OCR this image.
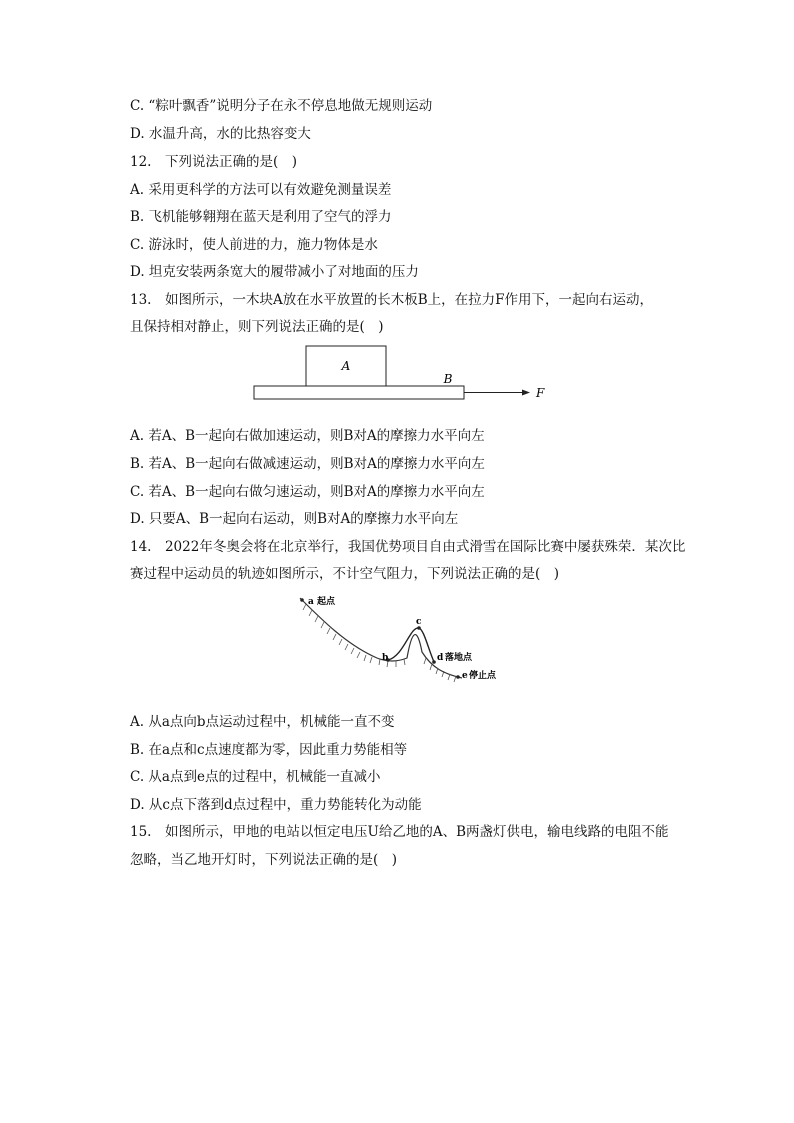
C. “粽叶飘香”说明分子在永不停息地做无规则运动
D. 水温升高，水的比热容变大
12.　下列说法正确的是(　)
A. 采用更科学的方法可以有效避免测量误差
B. 飞机能够翱翔在蓝天是利用了空气的浮力
C. 游泳时，使人前进的力，施力物体是水
D. 坦克安装两条宽大的履带减小了对地面的压力
13.　如图所示，一木块A放在水平放置的长木板B上，在拉力F作用下，一起向右运动，
且保持相对静止，则下列说法正确的是(　)
A
B
F
A. 若A、B一起向右做加速运动，则B对A的摩擦力水平向左
B. 若A、B一起向右做减速运动，则B对A的摩擦力水平向左
C. 若A、B一起向右做匀速运动，则B对A的摩擦力水平向左
D. 只要A、B一起向右运动，则B对A的摩擦力水平向左
14.　2022年冬奥会将在北京举行，我国优势项目自由式滑雪在国际比赛中屡获殊荣．某次比
赛过程中运动员的轨迹如图所示，不计空气阻力，下列说法正确的是(　)
a 起点
b
c
d 落地点
e 停止点
A. 从a点向b点运动过程中，机械能一直不变
B. 在a点和c点速度都为零，因此重力势能相等
C. 从a点到e点的过程中，机械能一直减小
D. 从c点下落到d点过程中，重力势能转化为动能
15.　如图所示，甲地的电站以恒定电压U给乙地的A、B两盏灯供电，输电线路的电阻不能
忽略，当乙地开灯时，下列说法正确的是(　)
